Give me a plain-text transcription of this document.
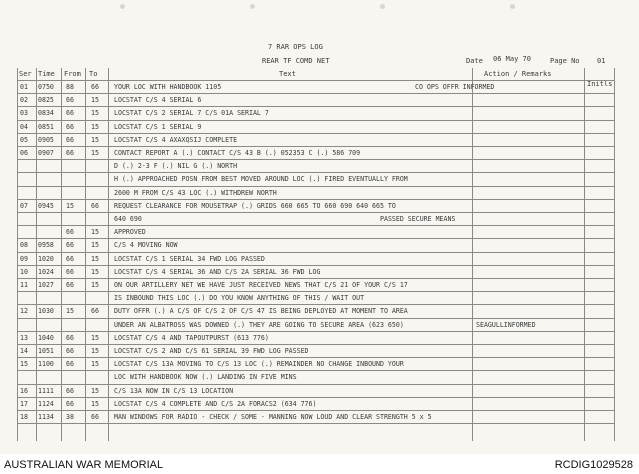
7 RAR OPS LOG
REAR TF COMD NET	Date 06 May 70	Page No 01
Ser Time From To	Text	Action / Remarks
Initls
01 0750 88	66 YOUR LOC WITH HANDBOOK 1105	CO OPS OFFR INFORMED
02 0825 66	15 LOCSTAT C/S 4 SERIAL 6
03 0834 66	15 LOCSTAT C/S 2 SERIAL 7 C/S 01A SERIAL 7
04 0851 66	15 LOCSTAT C/S 1 SERIAL 9
05 0905 66	15 LOCSTAT C/S 4 AXAXQSIJ COMPLETE
06 0907 66	15 CONTACT REPORT A (.) CONTACT C/S 43 B (.) 052353 C (.) 586 709
D (.) 2-3 F (.) NIL G (.) NORTH
H (.) APPROACHED POSN FROM BEST MOVED AROUND LOC (.) FIRED EVENTUALLY FROM
2600 M FROM C/S 43 LOC (.) WITHDREW NORTH
07 0945 15	66 REQUEST CLEARANCE FOR MOUSETRAP (.) GRIDS 660 665 TO 660 690 640 665 TO
640 690	PASSED SECURE MEANS
66	15 APPROVED
08 0958 66	15 C/S 4 MOVING NOW
09 1020 66	15 LOCSTAT C/S 1 SERIAL 34 FWD LOG PASSED
10 1024 66	15 LOCSTAT C/S 4 SERIAL 36 AND C/S 2A SERIAL 36 FWD LOG
11 1027 66	15 ON OUR ARTILLERY NET WE HAVE JUST RECEIVED NEWS THAT C/S 21 OF YOUR C/S 17
IS INBOUND THIS LOC (.) DO YOU KNOW ANYTHING OF THIS / WAIT OUT
12 1030 15	66 DUTY OFFR (.) A C/S OF C/S 2 OF C/S 47 IS BEING DEPLOYED AT MOMENT TO AREA
UNDER AN ALBATROSS WAS DOWNED (.) THEY ARE GOING TO SECURE AREA (623 650)	SEAGULLINFORMED
13 1040 66	15 LOCSTAT C/S 4 AND TAPOUTPURST (613 776)
14 1051 66	15 LOCSTAT C/S 2 AND C/S 61 SERIAL 39 FWD LOG PASSED
15 1100 66	15 LOCSTAT C/S 13A MOVING TO C/S 13 LOC (.) REMAINDER NO CHANGE INBOUND YOUR
LOC WITH HANDBOOK NOW (.) LANDING IN FIVE MINS
16 1111 66	15 C/S 13A NOW IN C/S 13 LOCATION
17 1124 66	15 LOCSTAT C/S 4 COMPLETE AND C/S 2A FORACS2 (634 776)
18 1134 38	66 MAN WINDOWS FOR RADIO - CHECK / SOME - MANNING NOW LOUD AND CLEAR STRENGTH 5 x 5
AUSTRALIAN WAR MEMORIAL	RCDIG1029528
